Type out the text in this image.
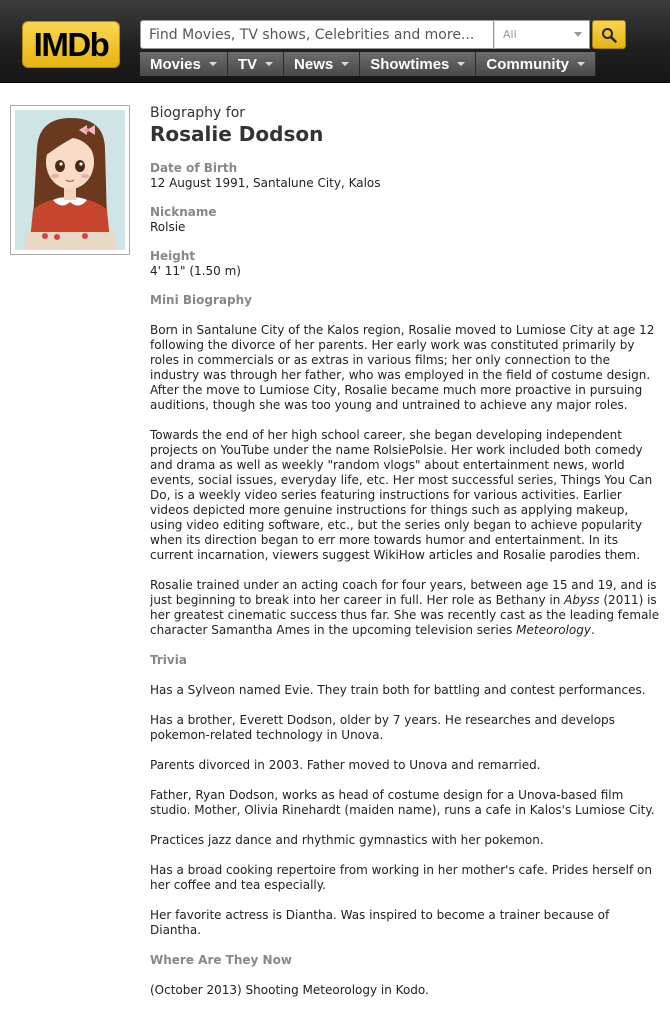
IMDb
Find Movies, TV shows, Celebrities and more...	All
Movies TV News Showtimes Community
Biography for
Rosalie Dodson
Date of Birth
12 August 1991, Santalune City, Kalos
Nickname
Rolsie
Height
4' 11" (1.50 m)
Mini Biography

Born in Santalune City of the Kalos region, Rosalie moved to Lumiose City at age 12 following the divorce of her parents. Her early work was constituted primarily by roles in commercials or as extras in various films; her only connection to the industry was through her father, who was employed in the field of costume design. After the move to Lumiose City, Rosalie became much more proactive in pursuing auditions, though she was too young and untrained to achieve any major roles.

Towards the end of her high school career, she began developing independent projects on YouTube under the name RolsiePolsie. Her work included both comedy and drama as well as weekly "random vlogs" about entertainment news, world events, social issues, everyday life, etc. Her most successful series, Things You Can Do, is a weekly video series featuring instructions for various activities. Earlier videos depicted more genuine instructions for things such as applying makeup, using video editing software, etc., but the series only began to achieve popularity when its direction began to err more towards humor and entertainment. In its current incarnation, viewers suggest WikiHow articles and Rosalie parodies them.

Rosalie trained under an acting coach for four years, between age 15 and 19, and is just beginning to break into her career in full. Her role as Bethany in Abyss (2011) is her greatest cinematic success thus far. She was recently cast as the leading female character Samantha Ames in the upcoming television series Meteorology.

Trivia

Has a Sylveon named Evie. They train both for battling and contest performances.

Has a brother, Everett Dodson, older by 7 years. He researches and develops pokemon-related technology in Unova.

Parents divorced in 2003. Father moved to Unova and remarried.

Father, Ryan Dodson, works as head of costume design for a Unova-based film studio. Mother, Olivia Rinehardt (maiden name), runs a cafe in Kalos's Lumiose City.

Practices jazz dance and rhythmic gymnastics with her pokemon.

Has a broad cooking repertoire from working in her mother's cafe. Prides herself on her coffee and tea especially.

Her favorite actress is Diantha. Was inspired to become a trainer because of Diantha.

Where Are They Now

(October 2013) Shooting Meteorology in Kodo.
